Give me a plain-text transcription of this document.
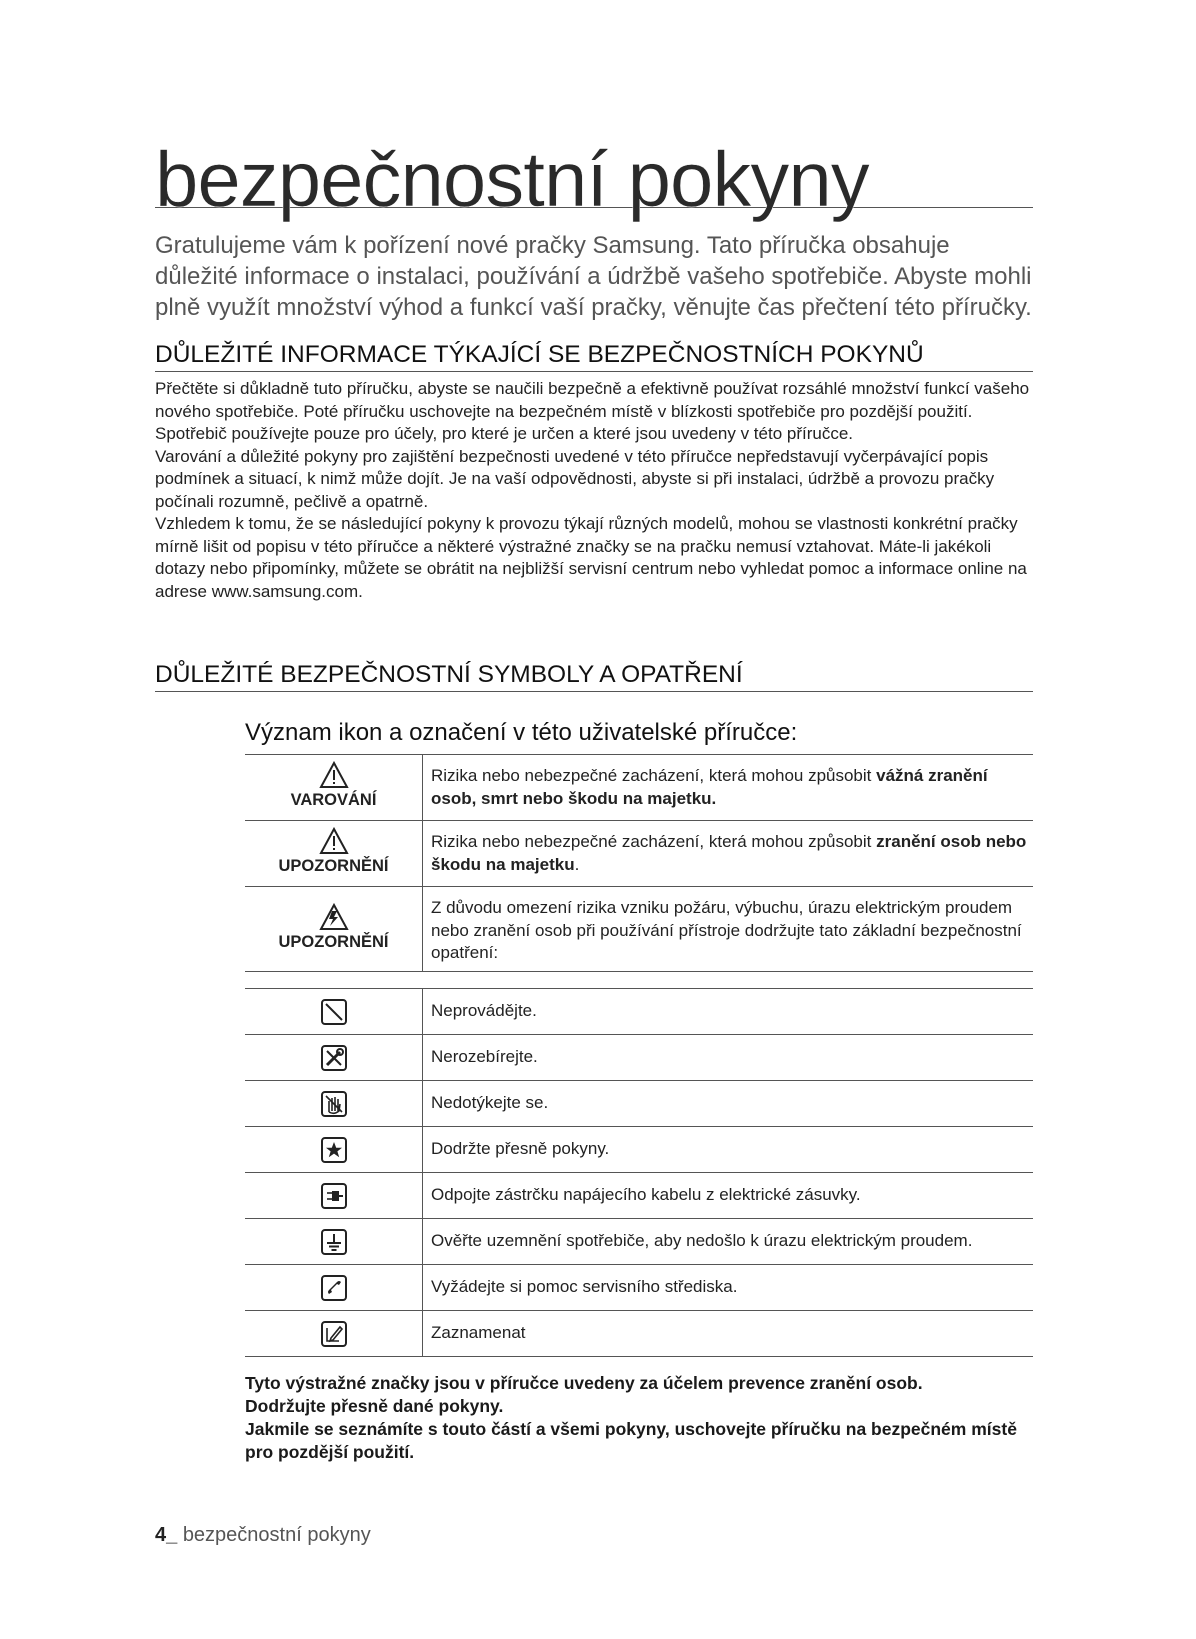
bezpečnostní pokyny
Gratulujeme vám k pořízení nové pračky Samsung. Tato příručka obsahuje důležité informace o instalaci, používání a údržbě vašeho spotřebiče. Abyste mohli plně využít množství výhod a funkcí vaší pračky, věnujte čas přečtení této příručky.
DŮLEŽITÉ INFORMACE TÝKAJÍCÍ SE BEZPEČNOSTNÍCH POKYNŮ

Přečtěte si důkladně tuto příručku, abyste se naučili bezpečně a efektivně používat rozsáhlé množství funkcí vašeho nového spotřebiče. Poté příručku uschovejte na bezpečném místě v blízkosti spotřebiče pro pozdější použití. Spotřebič používejte pouze pro účely, pro které je určen a které jsou uvedeny v této příručce.

Varování a důležité pokyny pro zajištění bezpečnosti uvedené v této příručce nepředstavují vyčerpávající popis podmínek a situací, k nimž může dojít. Je na vaší odpovědnosti, abyste si při instalaci, údržbě a provozu pračky počínali rozumně, pečlivě a opatrně.

Vzhledem k tomu, že se následující pokyny k provozu týkají různých modelů, mohou se vlastnosti konkrétní pračky mírně lišit od popisu v této příručce a některé výstražné značky se na pračku nemusí vztahovat. Máte-li jakékoli dotazy nebo připomínky, můžete se obrátit na nejbližší servisní centrum nebo vyhledat pomoc a informace online na adrese www.samsung.com.

DŮLEŽITÉ BEZPEČNOSTNÍ SYMBOLY A OPATŘENÍ
Význam ikon a označení v této uživatelské příručce:
VAROVÁNÍ	Rizika nebo nebezpečné zacházení, která mohou způsobit vážná zranění osob, smrt nebo škodu na majetku.

UPOZORNĚNÍ	Rizika nebo nebezpečné zacházení, která mohou způsobit zranění osob nebo škodu na majetku.

UPOZORNĚNÍ	Z důvodu omezení rizika vzniku požáru, výbuchu, úrazu elektrickým proudem nebo zranění osob při používání přístroje dodržujte tato základní bezpečnostní opatření:
	Neprovádějte.

	Nerozebírejte.

	Nedotýkejte se.

	Dodržte přesně pokyny.

	Odpojte zástrčku napájecího kabelu z elektrické zásuvky.

	Ověřte uzemnění spotřebiče, aby nedošlo k úrazu elektrickým proudem.

	Vyžádejte si pomoc servisního střediska.

	Zaznamenat

Tyto výstražné značky jsou v příručce uvedeny za účelem prevence zranění osob.

Dodržujte přesně dané pokyny.

Jakmile se seznámíte s touto částí a všemi pokyny, uschovejte příručku na bezpečném místě pro pozdější použití.

4_ bezpečnostní pokyny
